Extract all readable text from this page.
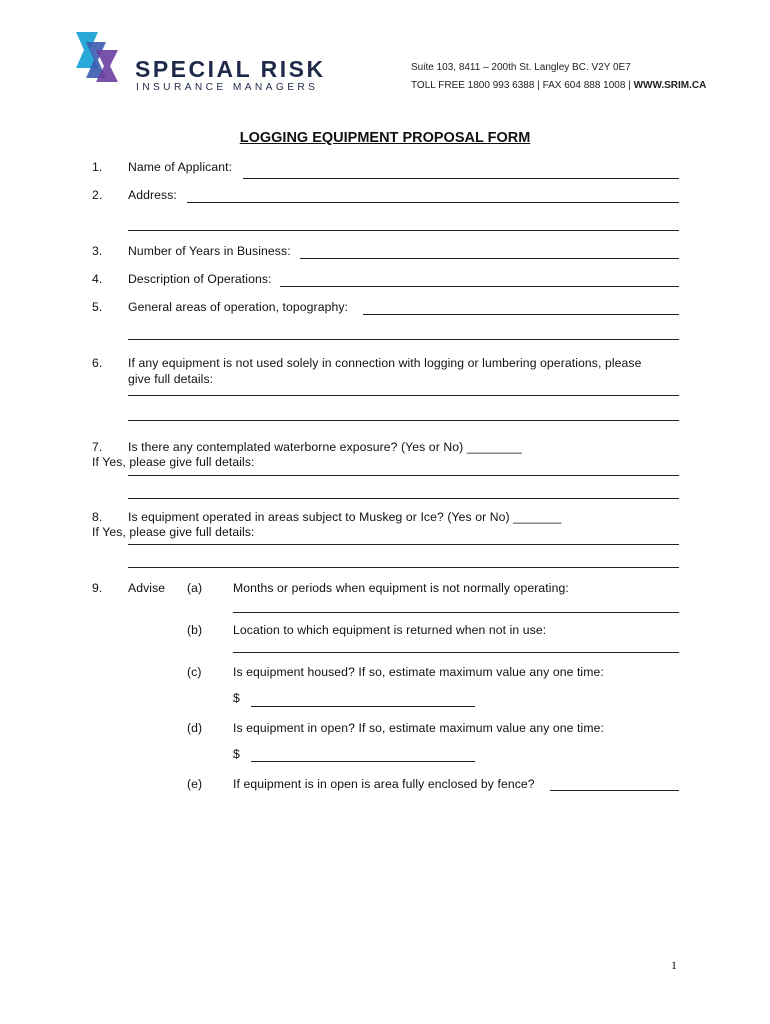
SPECIAL RISK
INSURANCE MANAGERS
Suite 103, 8411 – 200th St. Langley BC. V2Y 0E7
TOLL FREE 1800 993 6388 | FAX 604 888 1008 | WWW.SRIM.CA
LOGGING EQUIPMENT PROPOSAL FORM
1. Name of Applicant:
2. Address:
3. Number of Years in Business:
4. Description of Operations:
5. General areas of operation, topography:
6. If any equipment is not used solely in connection with logging or lumbering operations, please
give full details:
7. Is there any contemplated waterborne exposure? (Yes or No) ________
If Yes, please give full details:
8. Is equipment operated in areas subject to Muskeg or Ice? (Yes or No) _______
If Yes, please give full details:
9. Advise (a)	Months or periods when equipment is not normally operating:
(b)	Location to which equipment is returned when not in use:
(c)	Is equipment housed? If so, estimate maximum value any one time:
$
(d)	Is equipment in open? If so, estimate maximum value any one time:
$
(e)	If equipment is in open is area fully enclosed by fence?
1
